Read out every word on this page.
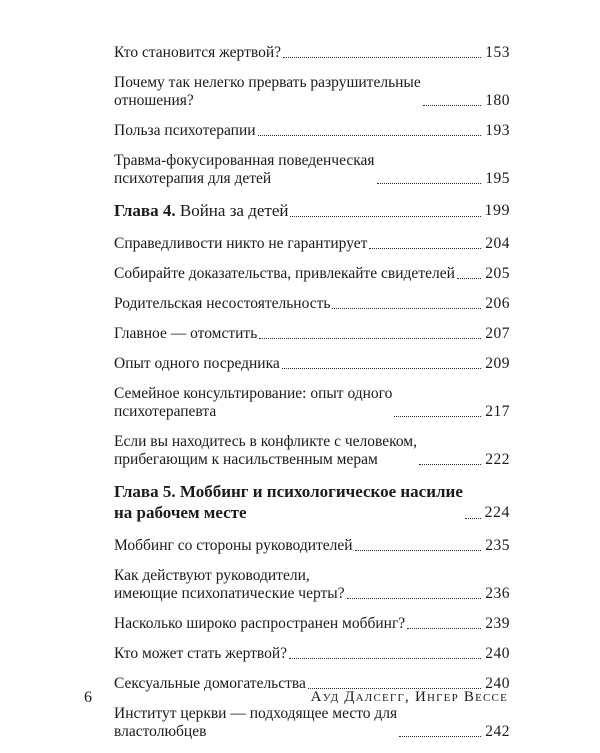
Кто становится жертвой?	153
Почему так нелегко прервать разрушительные
отношения?	180
Польза психотерапии	193
Травма-фокусированная поведенческая
психотерапия для детей	195
Глава 4. Война за детей	199
Справедливости никто не гарантирует	204
Собирайте доказательства, привлекайте свидетелей 205
Родительская несостоятельность	206
Главное — отомстить	207
Опыт одного посредника	209
Семейное консультирование: опыт одного
психотерапевта	217
Если вы находитесь в конфликте с человеком,
прибегающим к насильственным мерам	222
Глава 5. Моббинг и психологическое насилие
на рабочем месте	224
Моббинг со стороны руководителей	235
Как действуют руководители,
имеющие психопатические черты?	236
Насколько широко распространен моббинг?	239
Кто может стать жертвой?	240
Сексуальные домогательства	240
Институт церкви — подходящее место для
властолюбцев	242
6	Ауд Далсегг, Ингер Вессе
